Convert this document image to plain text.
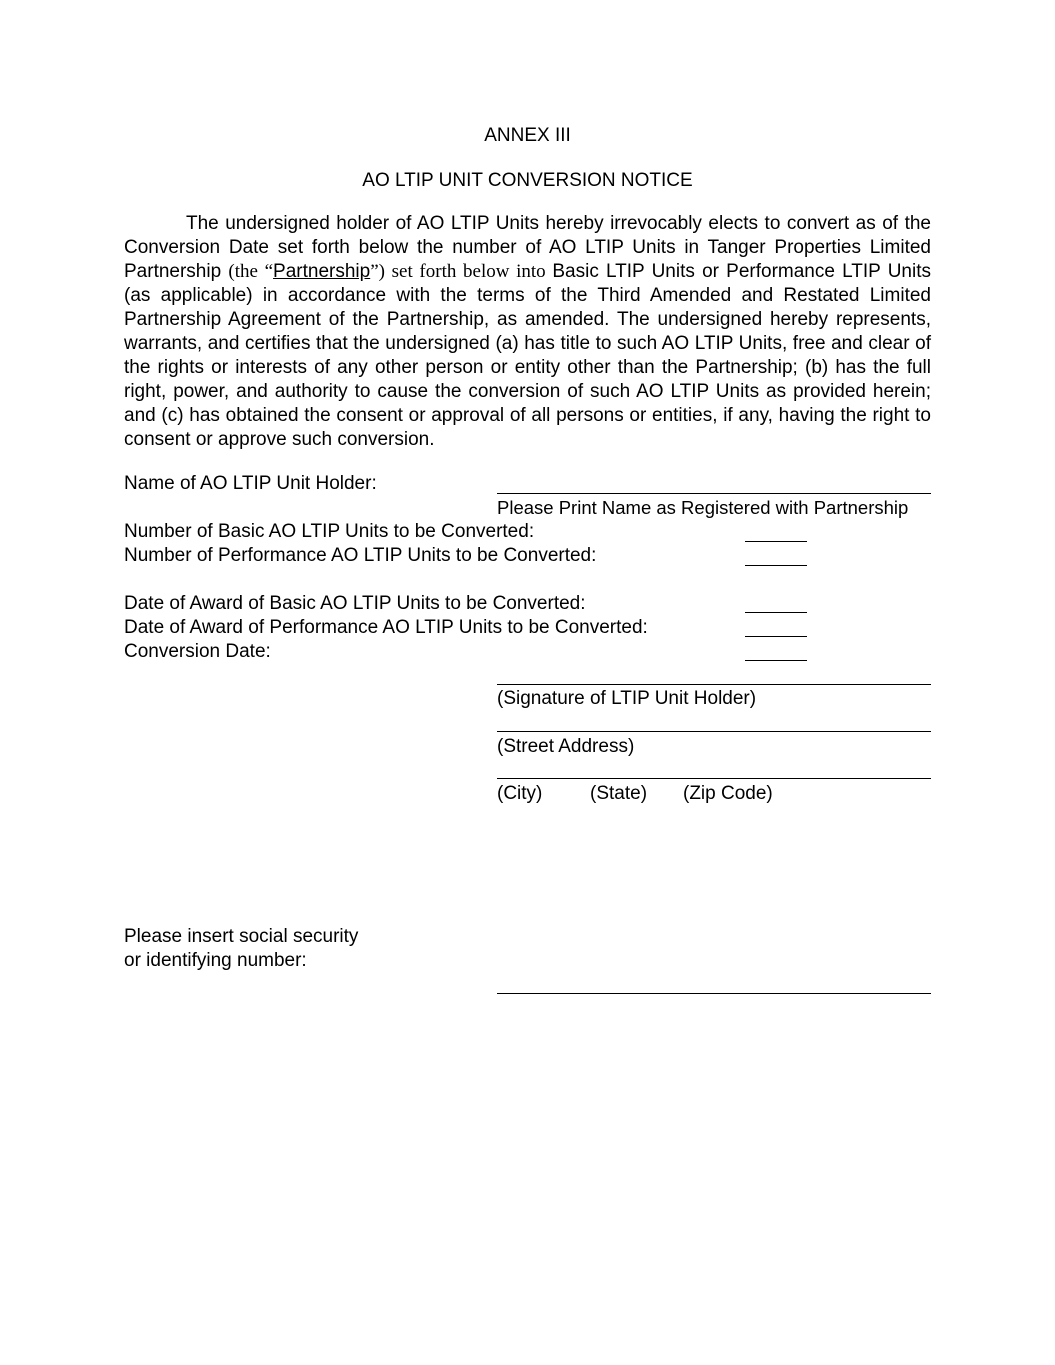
ANNEX III
AO LTIP UNIT CONVERSION NOTICE
The undersigned holder of AO LTIP Units hereby irrevocably elects to convert as of the Conversion Date set forth below the number of AO LTIP Units in Tanger Properties Limited Partnership (the “Partnership”) set forth below into Basic LTIP Units or Performance LTIP Units (as applicable) in accordance with the terms of the Third Amended and Restated Limited Partnership Agreement of the Partnership, as amended. The undersigned hereby represents, warrants, and certifies that the undersigned (a) has title to such AO LTIP Units, free and clear of the rights or interests of any other person or entity other than the Partnership; (b) has the full right, power, and authority to cause the conversion of such AO LTIP Units as provided herein; and (c) has obtained the consent or approval of all persons or entities, if any, having the right to consent or approve such conversion.
Name of AO LTIP Unit Holder:
Please Print Name as Registered with Partnership
Number of Basic AO LTIP Units to be Converted:
Number of Performance AO LTIP Units to be Converted:
Date of Award of Basic AO LTIP Units to be Converted:
Date of Award of Performance AO LTIP Units to be Converted:
Conversion Date:
(Signature of LTIP Unit Holder)
(Street Address)
(City)	(State) (Zip Code)
Please insert social security
or identifying number:
